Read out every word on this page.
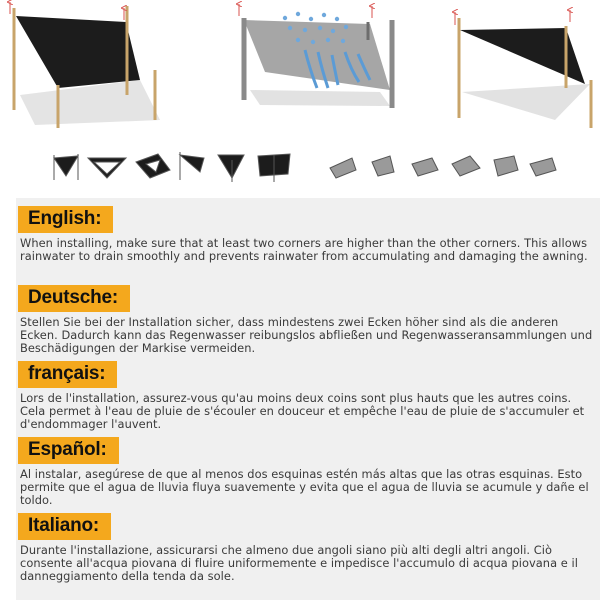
English:
When installing, make sure that at least two corners are higher than the other corners. This allows rainwater to drain smoothly and prevents rainwater from accumulating and damaging the awning.
Deutsche:
Stellen Sie bei der Installation sicher, dass mindestens zwei Ecken höher sind als die anderen Ecken. Dadurch kann das Regenwasser reibungslos abfließen und Regenwasseransammlungen und Beschädigungen der Markise vermeiden.
français:
Lors de l'installation, assurez-vous qu'au moins deux coins sont plus hauts que les autres coins. Cela permet à l'eau de pluie de s'écouler en douceur et empêche l'eau de pluie de s'accumuler et d'endommager l'auvent.
Español:
Al instalar, asegúrese de que al menos dos esquinas estén más altas que las otras esquinas. Esto permite que el agua de lluvia fluya suavemente y evita que el agua de lluvia se acumule y dañe el toldo.
Italiano:
Durante l'installazione, assicurarsi che almeno due angoli siano più alti degli altri angoli. Ciò consente all'acqua piovana di fluire uniformemente e impedisce l'accumulo di acqua piovana e il danneggiamento della tenda da sole.
